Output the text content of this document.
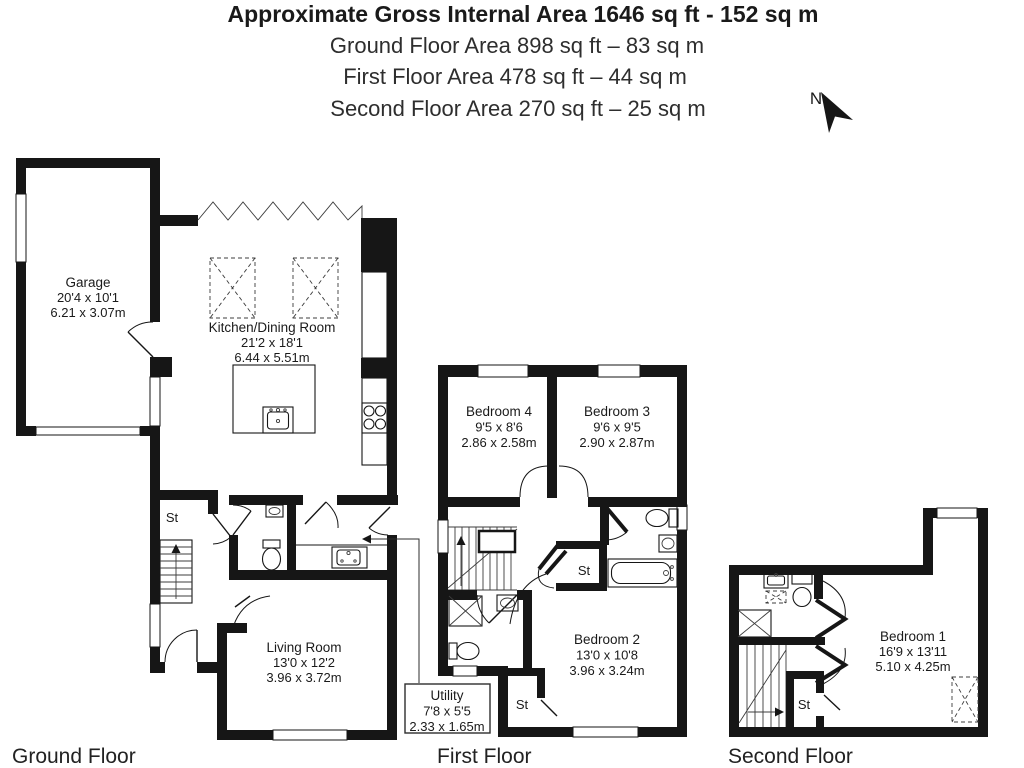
Approximate Gross Internal Area 1646 sq ft - 152 sq m
Ground Floor Area 898 sq ft – 83 sq m
First Floor Area 478 sq ft – 44 sq m
Second Floor Area 270 sq ft – 25 sq m	N
Garage
20'4 x 10'1
6.21 x 3.07m
Kitchen/Dining Room
21'2 x 18'1
6.44 x 5.51m
Living Room
13'0 x 12'2
3.96 x 3.72m
St
Ground Floor
Utility
7'8 x 5'5
2.33 x 1.65m
Bedroom 4
9'5 x 8'6
2.86 x 2.58m
Bedroom 3
9'6 x 9'5
2.90 x 2.87m
Bedroom 2
13'0 x 10'8
3.96 x 3.24m
St
St
First Floor
Bedroom 1
16'9 x 13'11
5.10 x 4.25m
St
Second Floor
